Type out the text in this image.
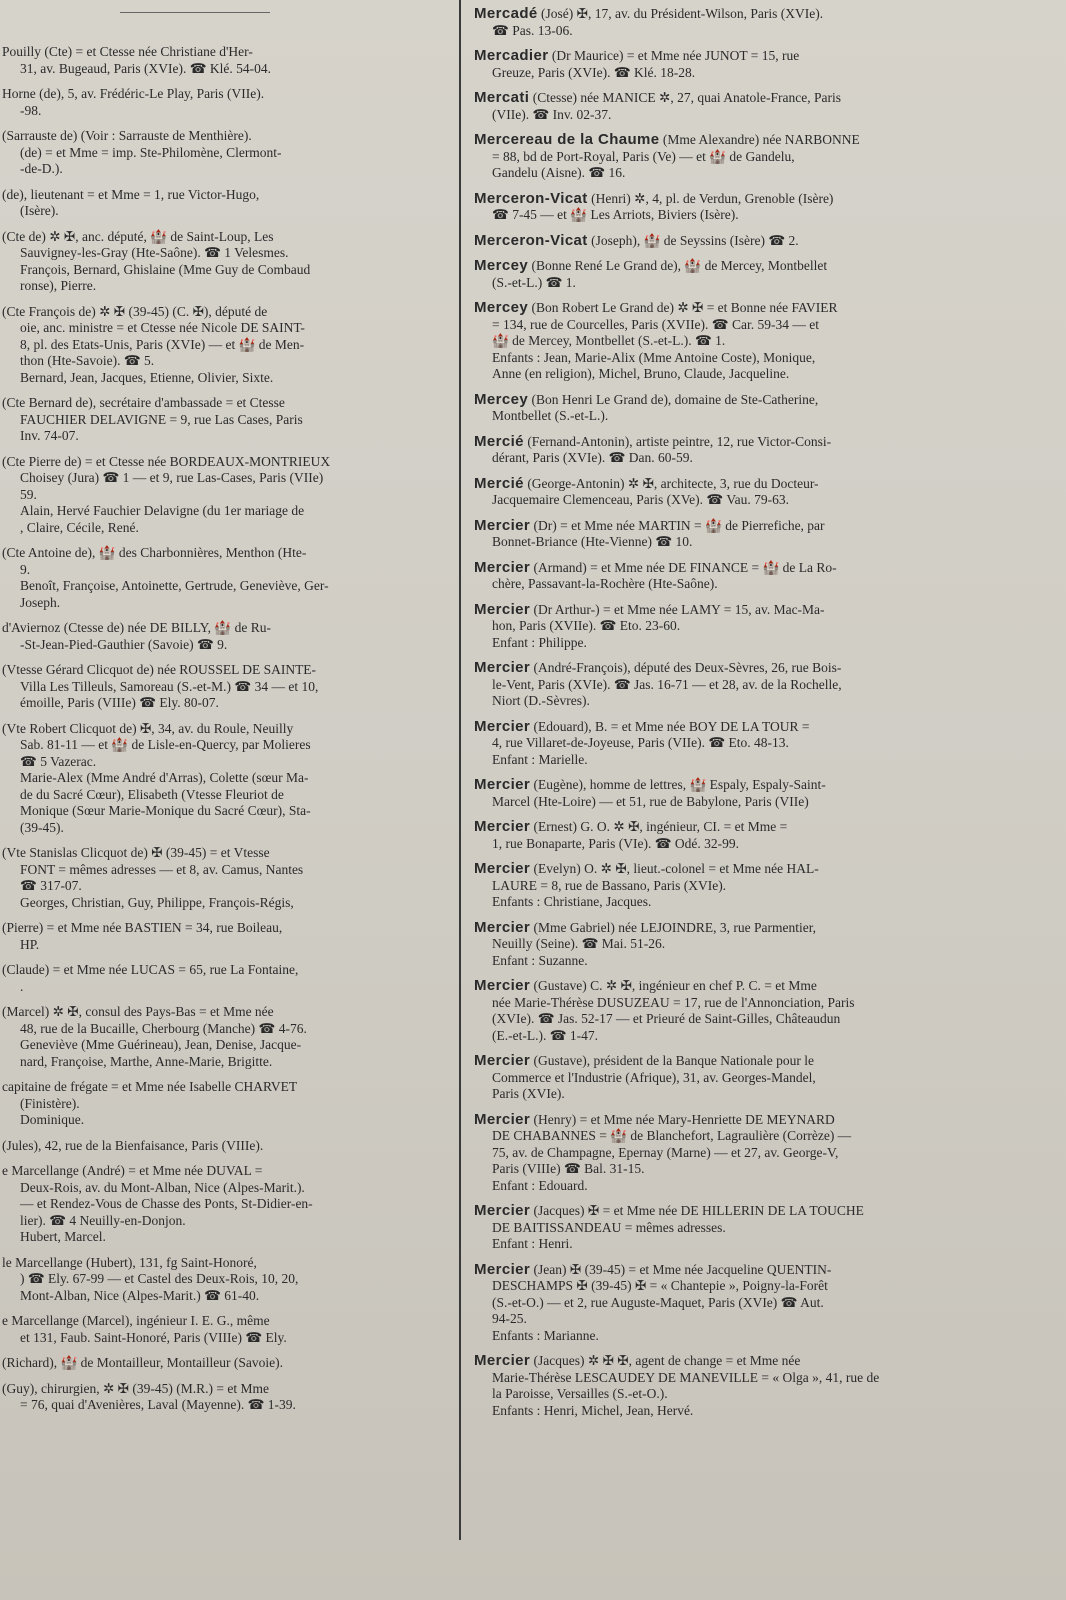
Pouilly (Cte) = et Ctesse née Christiane d'Her-
31, av. Bugeaud, Paris (XVIe). ☎ Klé. 54-04.
Horne (de), 5, av. Frédéric-Le Play, Paris (VIIe).
-98.
(Sarrauste de) (Voir : Sarrauste de Menthière).
(de) = et Mme = imp. Ste-Philomène, Clermont-
-de-D.).
(de), lieutenant = et Mme = 1, rue Victor-Hugo,
(Isère).
(Cte de) ✲ ✠, anc. député, 🏰 de Saint-Loup, Les
Sauvigney-les-Gray (Hte-Saône). ☎ 1 Velesmes.
François, Bernard, Ghislaine (Mme Guy de Combaud
ronse), Pierre.
(Cte François de) ✲ ✠ (39-45) (C. ✠), député de
oie, anc. ministre = et Ctesse née Nicole DE SAINT-
8, pl. des Etats-Unis, Paris (XVIe) — et 🏰 de Men-
thon (Hte-Savoie). ☎ 5.
Bernard, Jean, Jacques, Etienne, Olivier, Sixte.
(Cte Bernard de), secrétaire d'ambassade = et Ctesse
FAUCHIER DELAVIGNE = 9, rue Las Cases, Paris
Inv. 74-07.
(Cte Pierre de) = et Ctesse née BORDEAUX-MONTRIEUX
Choisey (Jura) ☎ 1 — et 9, rue Las-Cases, Paris (VIIe)
59.
Alain, Hervé Fauchier Delavigne (du 1er mariage de
, Claire, Cécile, René.
(Cte Antoine de), 🏰 des Charbonnières, Menthon (Hte-
9.
Benoît, Françoise, Antoinette, Gertrude, Geneviève, Ger-
Joseph.
d'Aviernoz (Ctesse de) née DE BILLY, 🏰 de Ru-
-St-Jean-Pied-Gauthier (Savoie) ☎ 9.
(Vtesse Gérard Clicquot de) née ROUSSEL DE SAINTE-
Villa Les Tilleuls, Samoreau (S.-et-M.) ☎ 34 — et 10,
émoille, Paris (VIIIe) ☎ Ely. 80-07.
(Vte Robert Clicquot de) ✠, 34, av. du Roule, Neuilly
Sab. 81-11 — et 🏰 de Lisle-en-Quercy, par Molieres
☎ 5 Vazerac.
Marie-Alex (Mme André d'Arras), Colette (sœur Ma-
de du Sacré Cœur), Elisabeth (Vtesse Fleuriot de
Monique (Sœur Marie-Monique du Sacré Cœur), Sta-
(39-45).
(Vte Stanislas Clicquot de) ✠ (39-45) = et Vtesse
FONT = mêmes adresses — et 8, av. Camus, Nantes
☎ 317-07.
Georges, Christian, Guy, Philippe, François-Régis,
(Pierre) = et Mme née BASTIEN = 34, rue Boileau,
HP.
(Claude) = et Mme née LUCAS = 65, rue La Fontaine,
.
(Marcel) ✲ ✠, consul des Pays-Bas = et Mme née
48, rue de la Bucaille, Cherbourg (Manche) ☎ 4-76.
Geneviève (Mme Guérineau), Jean, Denise, Jacque-
nard, Françoise, Marthe, Anne-Marie, Brigitte.
capitaine de frégate = et Mme née Isabelle CHARVET
(Finistère).
Dominique.
(Jules), 42, rue de la Bienfaisance, Paris (VIIIe).
e Marcellange (André) = et Mme née DUVAL =
Deux-Rois, av. du Mont-Alban, Nice (Alpes-Marit.).
— et Rendez-Vous de Chasse des Ponts, St-Didier-en-
lier). ☎ 4 Neuilly-en-Donjon.
Hubert, Marcel.
le Marcellange (Hubert), 131, fg Saint-Honoré,
) ☎ Ely. 67-99 — et Castel des Deux-Rois, 10, 20,
Mont-Alban, Nice (Alpes-Marit.) ☎ 61-40.
e Marcellange (Marcel), ingénieur I. E. G., même
et 131, Faub. Saint-Honoré, Paris (VIIIe) ☎ Ely.
(Richard), 🏰 de Montailleur, Montailleur (Savoie).
(Guy), chirurgien, ✲ ✠ (39-45) (M.R.) = et Mme
= 76, quai d'Avenières, Laval (Mayenne). ☎ 1-39.
Mercadé (José) ✠, 17, av. du Président-Wilson, Paris (XVIe).
☎ Pas. 13-06.
Mercadier (Dr Maurice) = et Mme née JUNOT = 15, rue
Greuze, Paris (XVIe). ☎ Klé. 18-28.
Mercati (Ctesse) née MANICE ✲, 27, quai Anatole-France, Paris
(VIIe). ☎ Inv. 02-37.
Mercereau de la Chaume (Mme Alexandre) née NARBONNE
= 88, bd de Port-Royal, Paris (Ve) — et 🏰 de Gandelu,
Gandelu (Aisne). ☎ 16.
Merceron-Vicat (Henri) ✲, 4, pl. de Verdun, Grenoble (Isère)
☎ 7-45 — et 🏰 Les Arriots, Biviers (Isère).
Merceron-Vicat (Joseph), 🏰 de Seyssins (Isère) ☎ 2.
Mercey (Bonne René Le Grand de), 🏰 de Mercey, Montbellet
(S.-et-L.) ☎ 1.
Mercey (Bon Robert Le Grand de) ✲ ✠ = et Bonne née FAVIER
= 134, rue de Courcelles, Paris (XVIIe). ☎ Car. 59-34 — et
🏰 de Mercey, Montbellet (S.-et-L.). ☎ 1.
Enfants : Jean, Marie-Alix (Mme Antoine Coste), Monique,
Anne (en religion), Michel, Bruno, Claude, Jacqueline.
Mercey (Bon Henri Le Grand de), domaine de Ste-Catherine,
Montbellet (S.-et-L.).
Mercié (Fernand-Antonin), artiste peintre, 12, rue Victor-Consi-
dérant, Paris (XVIe). ☎ Dan. 60-59.
Mercié (George-Antonin) ✲ ✠, architecte, 3, rue du Docteur-
Jacquemaire Clemenceau, Paris (XVe). ☎ Vau. 79-63.
Mercier (Dr) = et Mme née MARTIN = 🏰 de Pierrefiche, par
Bonnet-Briance (Hte-Vienne) ☎ 10.
Mercier (Armand) = et Mme née DE FINANCE = 🏰 de La Ro-
chère, Passavant-la-Rochère (Hte-Saône).
Mercier (Dr Arthur-) = et Mme née LAMY = 15, av. Mac-Ma-
hon, Paris (XVIIe). ☎ Eto. 23-60.
Enfant : Philippe.
Mercier (André-François), député des Deux-Sèvres, 26, rue Bois-
le-Vent, Paris (XVIe). ☎ Jas. 16-71 — et 28, av. de la Rochelle,
Niort (D.-Sèvres).
Mercier (Edouard), B. = et Mme née BOY DE LA TOUR =
4, rue Villaret-de-Joyeuse, Paris (VIIe). ☎ Eto. 48-13.
Enfant : Marielle.
Mercier (Eugène), homme de lettres, 🏰 Espaly, Espaly-Saint-
Marcel (Hte-Loire) — et 51, rue de Babylone, Paris (VIIe)
Mercier (Ernest) G. O. ✲ ✠, ingénieur, CI. = et Mme =
1, rue Bonaparte, Paris (VIe). ☎ Odé. 32-99.
Mercier (Evelyn) O. ✲ ✠, lieut.-colonel = et Mme née HAL-
LAURE = 8, rue de Bassano, Paris (XVIe).
Enfants : Christiane, Jacques.
Mercier (Mme Gabriel) née LEJOINDRE, 3, rue Parmentier,
Neuilly (Seine). ☎ Mai. 51-26.
Enfant : Suzanne.
Mercier (Gustave) C. ✲ ✠, ingénieur en chef P. C. = et Mme
née Marie-Thérèse DUSUZEAU = 17, rue de l'Annonciation, Paris
(XVIe). ☎ Jas. 52-17 — et Prieuré de Saint-Gilles, Châteaudun
(E.-et-L.). ☎ 1-47.
Mercier (Gustave), président de la Banque Nationale pour le
Commerce et l'Industrie (Afrique), 31, av. Georges-Mandel,
Paris (XVIe).
Mercier (Henry) = et Mme née Mary-Henriette DE MEYNARD
DE CHABANNES = 🏰 de Blanchefort, Lagraulière (Corrèze) —
75, av. de Champagne, Epernay (Marne) — et 27, av. George-V,
Paris (VIIIe) ☎ Bal. 31-15.
Enfant : Edouard.
Mercier (Jacques) ✠ = et Mme née DE HILLERIN DE LA TOUCHE
DE BAITISSANDEAU = mêmes adresses.
Enfant : Henri.
Mercier (Jean) ✠ (39-45) = et Mme née Jacqueline QUENTIN-
DESCHAMPS ✠ (39-45) ✠ = « Chantepie », Poigny-la-Forêt
(S.-et-O.) — et 2, rue Auguste-Maquet, Paris (XVIe) ☎ Aut.
94-25.
Enfants : Marianne.
Mercier (Jacques) ✲ ✠ ✠, agent de change = et Mme née
Marie-Thérèse LESCAUDEY DE MANEVILLE = « Olga », 41, rue de
la Paroisse, Versailles (S.-et-O.).
Enfants : Henri, Michel, Jean, Hervé.
